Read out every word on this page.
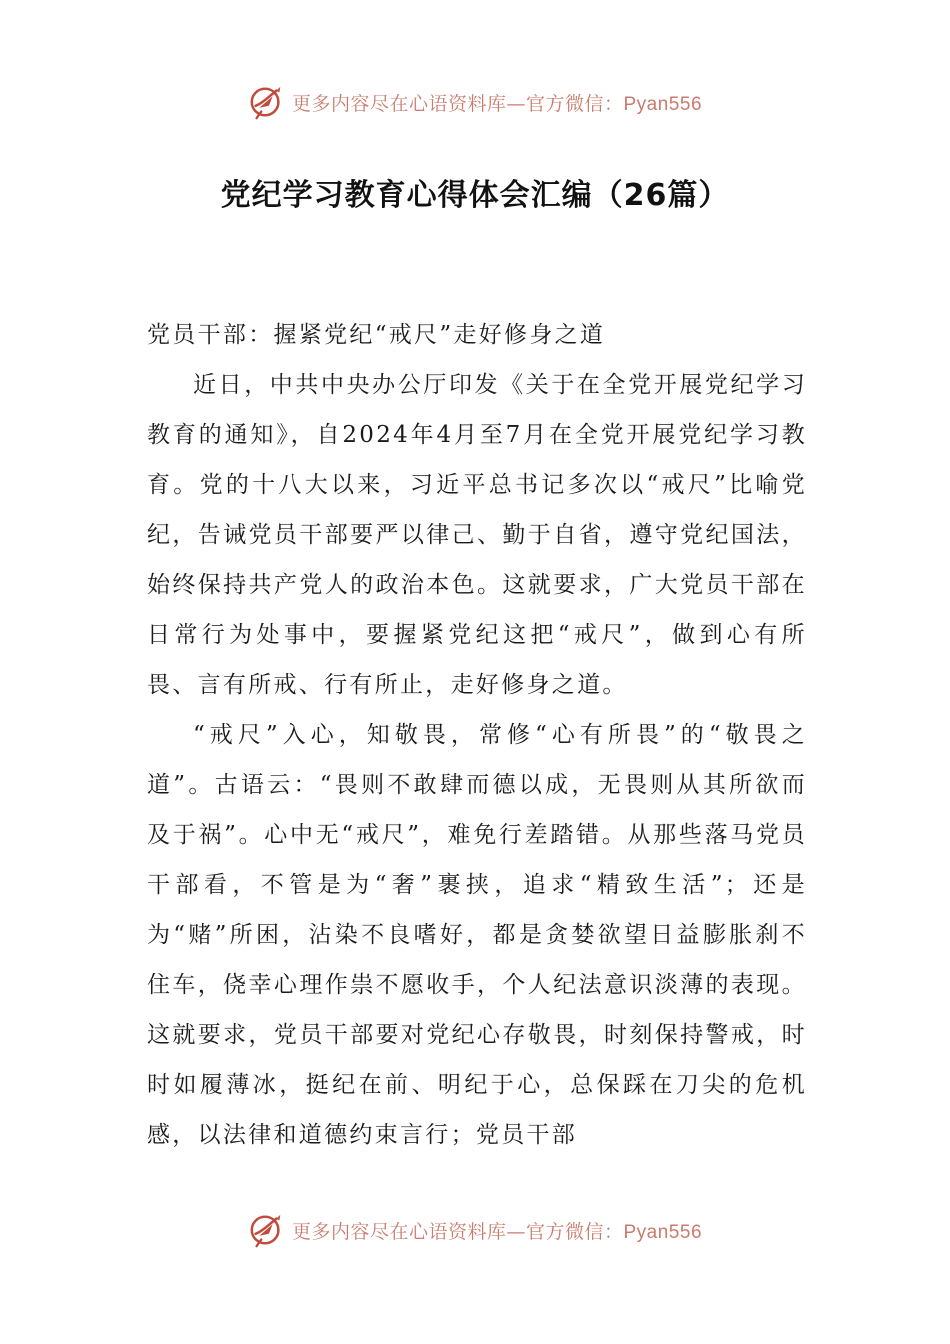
更多内容尽在心语资料库—官方微信：Pyan556
党纪学习教育心得体会汇编（26篇）

党员干部：握紧党纪“戒尺”走好修身之道

近日，中共中央办公厅印发《关于在全党开展党纪学习教育的通知》，自2024年4月至7月在全党开展党纪学习教育。党的十八大以来，习近平总书记多次以“戒尺”比喻党纪，告诫党员干部要严以律己、勤于自省，遵守党纪国法，始终保持共产党人的政治本色。这就要求，广大党员干部在日常行为处事中，要握紧党纪这把“戒尺”，做到心有所畏、言有所戒、行有所止，走好修身之道。

“戒尺”入心，知敬畏，常修“心有所畏”的“敬畏之道”。古语云：“畏则不敢肆而德以成，无畏则从其所欲而及于祸”。心中无“戒尺”，难免行差踏错。从那些落马党员干部看，不管是为“奢”裹挟，追求“精致生活”；还是为“赌”所困，沾染不良嗜好，都是贪婪欲望日益膨胀刹不住车，侥幸心理作祟不愿收手，个人纪法意识淡薄的表现。这就要求，党员干部要对党纪心存敬畏，时刻保持警戒，时时如履薄冰，挺纪在前、明纪于心，总保踩在刀尖的危机感，以法律和道德约束言行；党员干部

更多内容尽在心语资料库—官方微信：Pyan556
